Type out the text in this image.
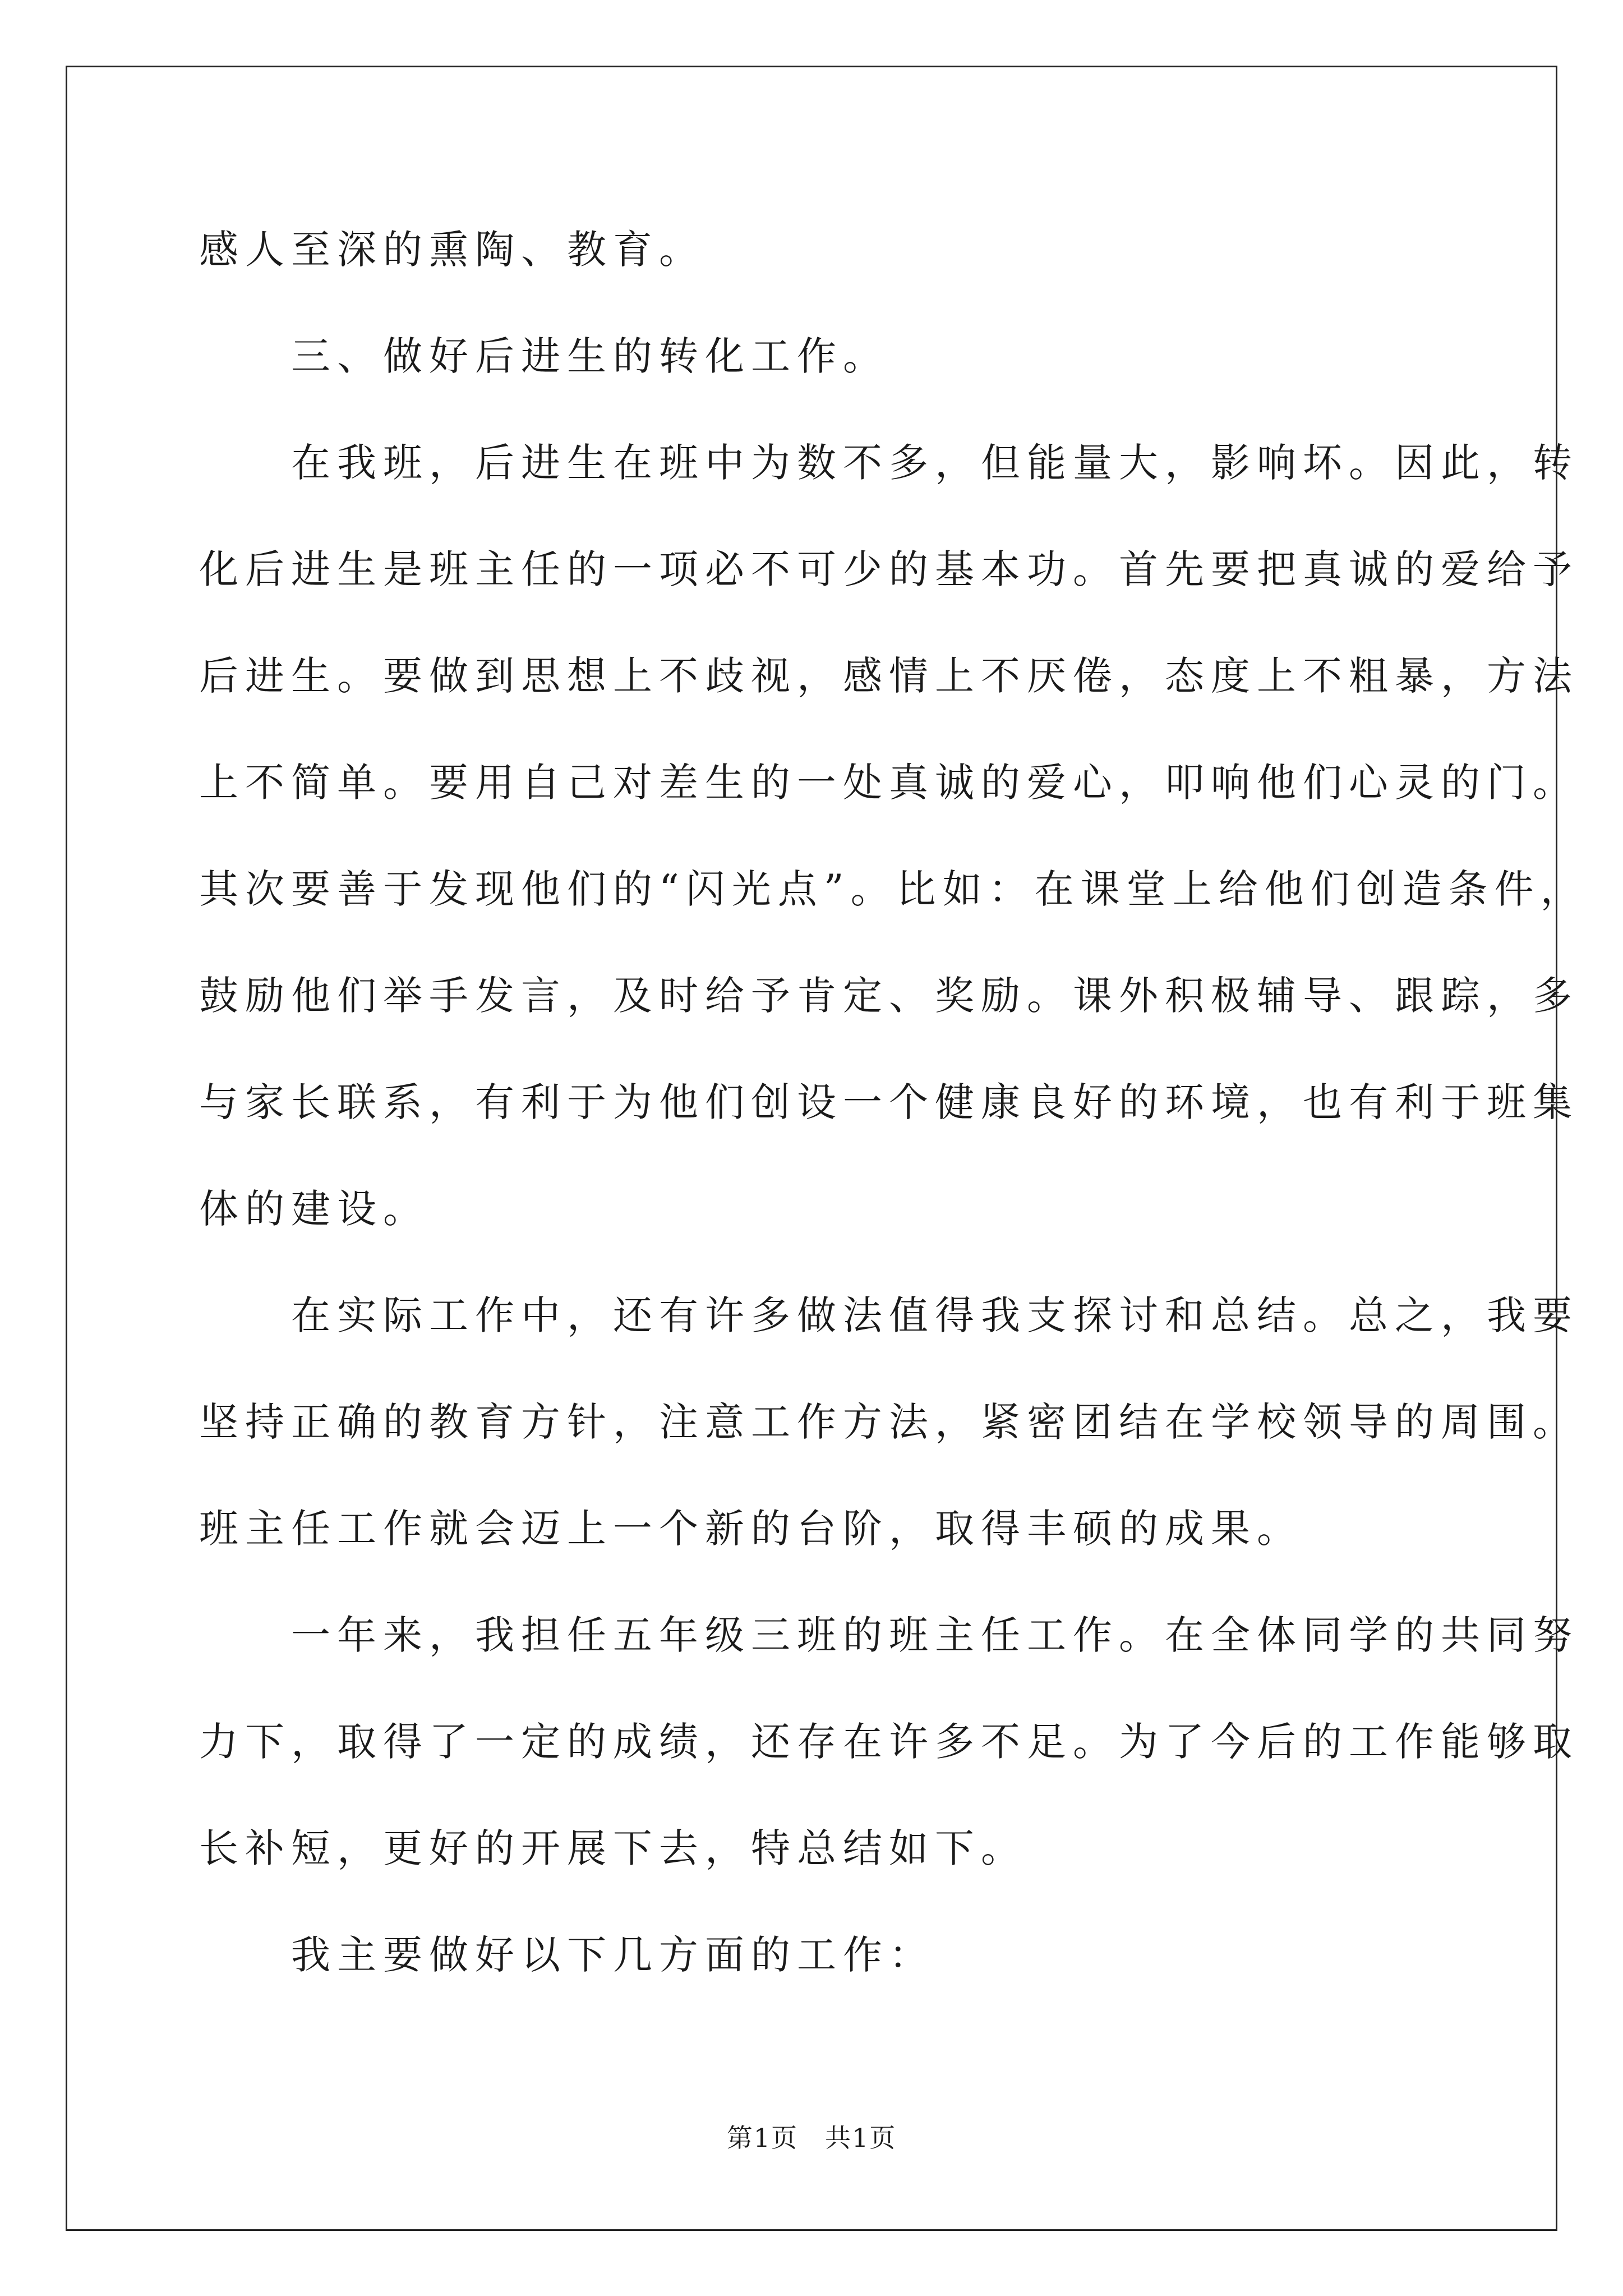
感人至深的熏陶、教育。
　　三、做好后进生的转化工作。
　　在我班，后进生在班中为数不多，但能量大，影响坏。因此，转
化后进生是班主任的一项必不可少的基本功。首先要把真诚的爱给予
后进生。要做到思想上不歧视，感情上不厌倦，态度上不粗暴，方法
上不简单。要用自己对差生的一处真诚的爱心，叩响他们心灵的门。
其次要善于发现他们的“闪光点”。比如：在课堂上给他们创造条件，
鼓励他们举手发言，及时给予肯定、奖励。课外积极辅导、跟踪，多
与家长联系，有利于为他们创设一个健康良好的环境，也有利于班集
体的建设。
　　在实际工作中，还有许多做法值得我支探讨和总结。总之，我要
坚持正确的教育方针，注意工作方法，紧密团结在学校领导的周围。
班主任工作就会迈上一个新的台阶，取得丰硕的成果。
　　一年来，我担任五年级三班的班主任工作。在全体同学的共同努
力下，取得了一定的成绩，还存在许多不足。为了今后的工作能够取
长补短，更好的开展下去，特总结如下。
　　我主要做好以下几方面的工作：
第1页　共1页
